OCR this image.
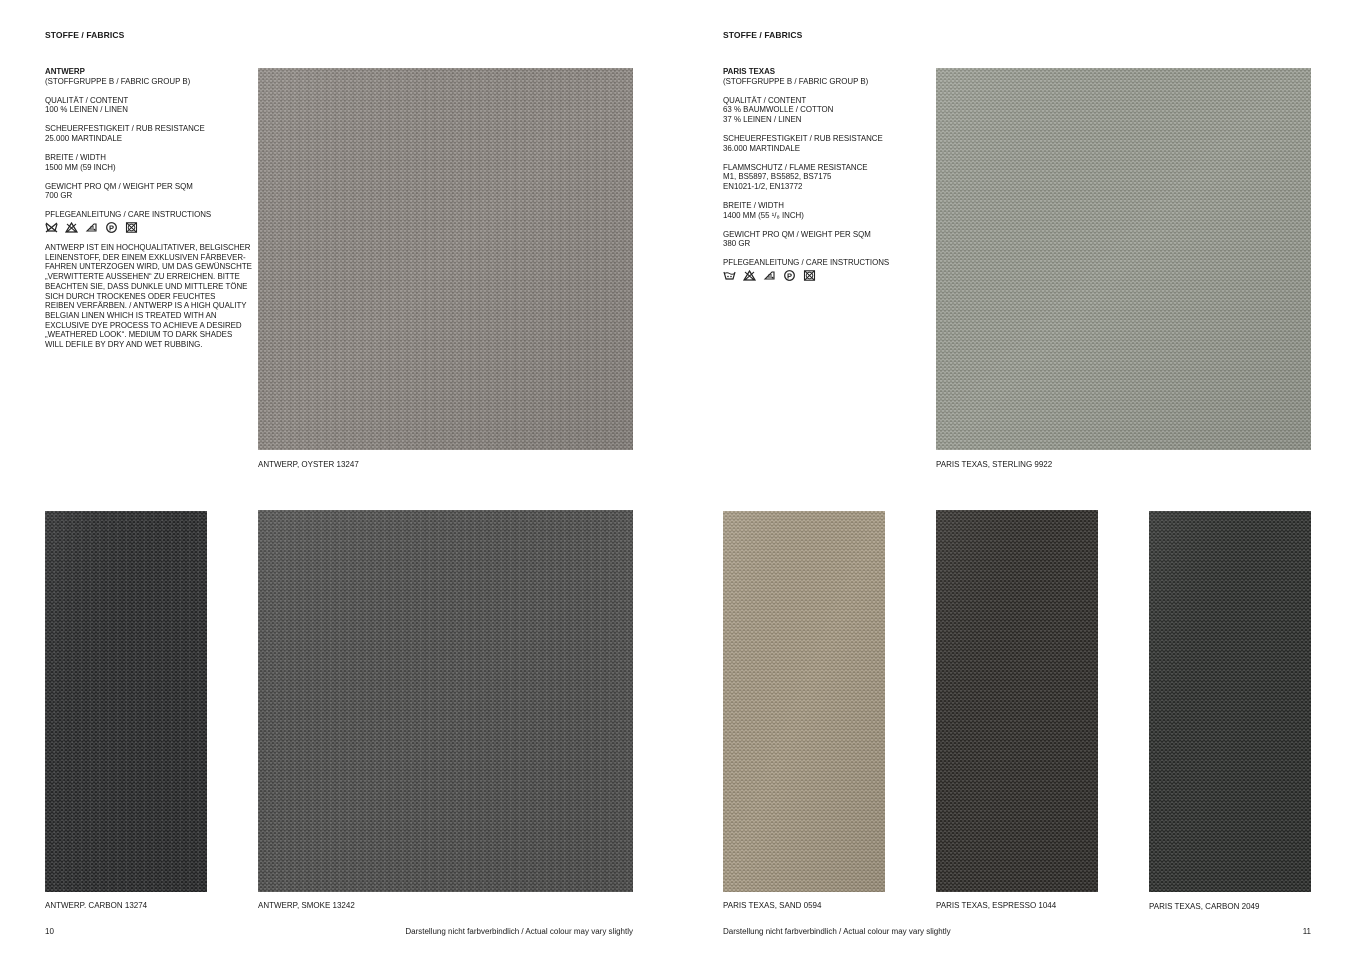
STOFFE / FABRICS
ANTWERP
(STOFFGRUPPE B / FABRIC GROUP B)
QUALITÄT / CONTENT
100 % LEINEN / LINEN
SCHEUERFESTIGKEIT / RUB RESISTANCE
25.000 MARTINDALE
BREITE / WIDTH
1500 MM (59 INCH)
GEWICHT PRO QM / WEIGHT PER SQM
700 GR
PFLEGEANLEITUNG / CARE INSTRUCTIONS
P
ANTWERP IST EIN HOCHQUALITATIVER, BELGISCHER
LEINENSTOFF, DER EINEM EXKLUSIVEN FÄRBEVER-
FAHREN UNTERZOGEN WIRD, UM DAS GEWÜNSCHTE
„VERWITTERTE AUSSEHEN“ ZU ERREICHEN. BITTE
BEACHTEN SIE, DASS DUNKLE UND MITTLERE TÖNE
SICH DURCH TROCKENES ODER FEUCHTES
REIBEN VERFÄRBEN. / ANTWERP IS A HIGH QUALITY
BELGIAN LINEN WHICH IS TREATED WITH AN
EXCLUSIVE DYE PROCESS TO ACHIEVE A DESIRED
„WEATHERED LOOK“. MEDIUM TO DARK SHADES
WILL DEFILE BY DRY AND WET RUBBING.
ANTWERP, OYSTER 13247
ANTWERP. CARBON 13274	ANTWERP, SMOKE 13242
10	Darstellung nicht farbverbindlich / Actual colour may vary slightly
STOFFE / FABRICS
PARIS TEXAS
(STOFFGRUPPE B / FABRIC GROUP B)
QUALITÄT / CONTENT
63 % BAUMWOLLE / COTTON
37 % LEINEN / LINEN
SCHEUERFESTIGKEIT / RUB RESISTANCE
36.000 MARTINDALE
FLAMMSCHUTZ / FLAME RESISTANCE
M1, BS5897, BS5852, BS7175
EN1021-1/2, EN13772
BREITE / WIDTH
1400 MM (55 ¹/₈ INCH)
GEWICHT PRO QM / WEIGHT PER SQM
380 GR
PFLEGEANLEITUNG / CARE INSTRUCTIONS
P
PARIS TEXAS, STERLING 9922
PARIS TEXAS, SAND 0594	PARIS TEXAS, ESPRESSO 1044	PARIS TEXAS, CARBON 2049
Darstellung nicht farbverbindlich / Actual colour may vary slightly	11
